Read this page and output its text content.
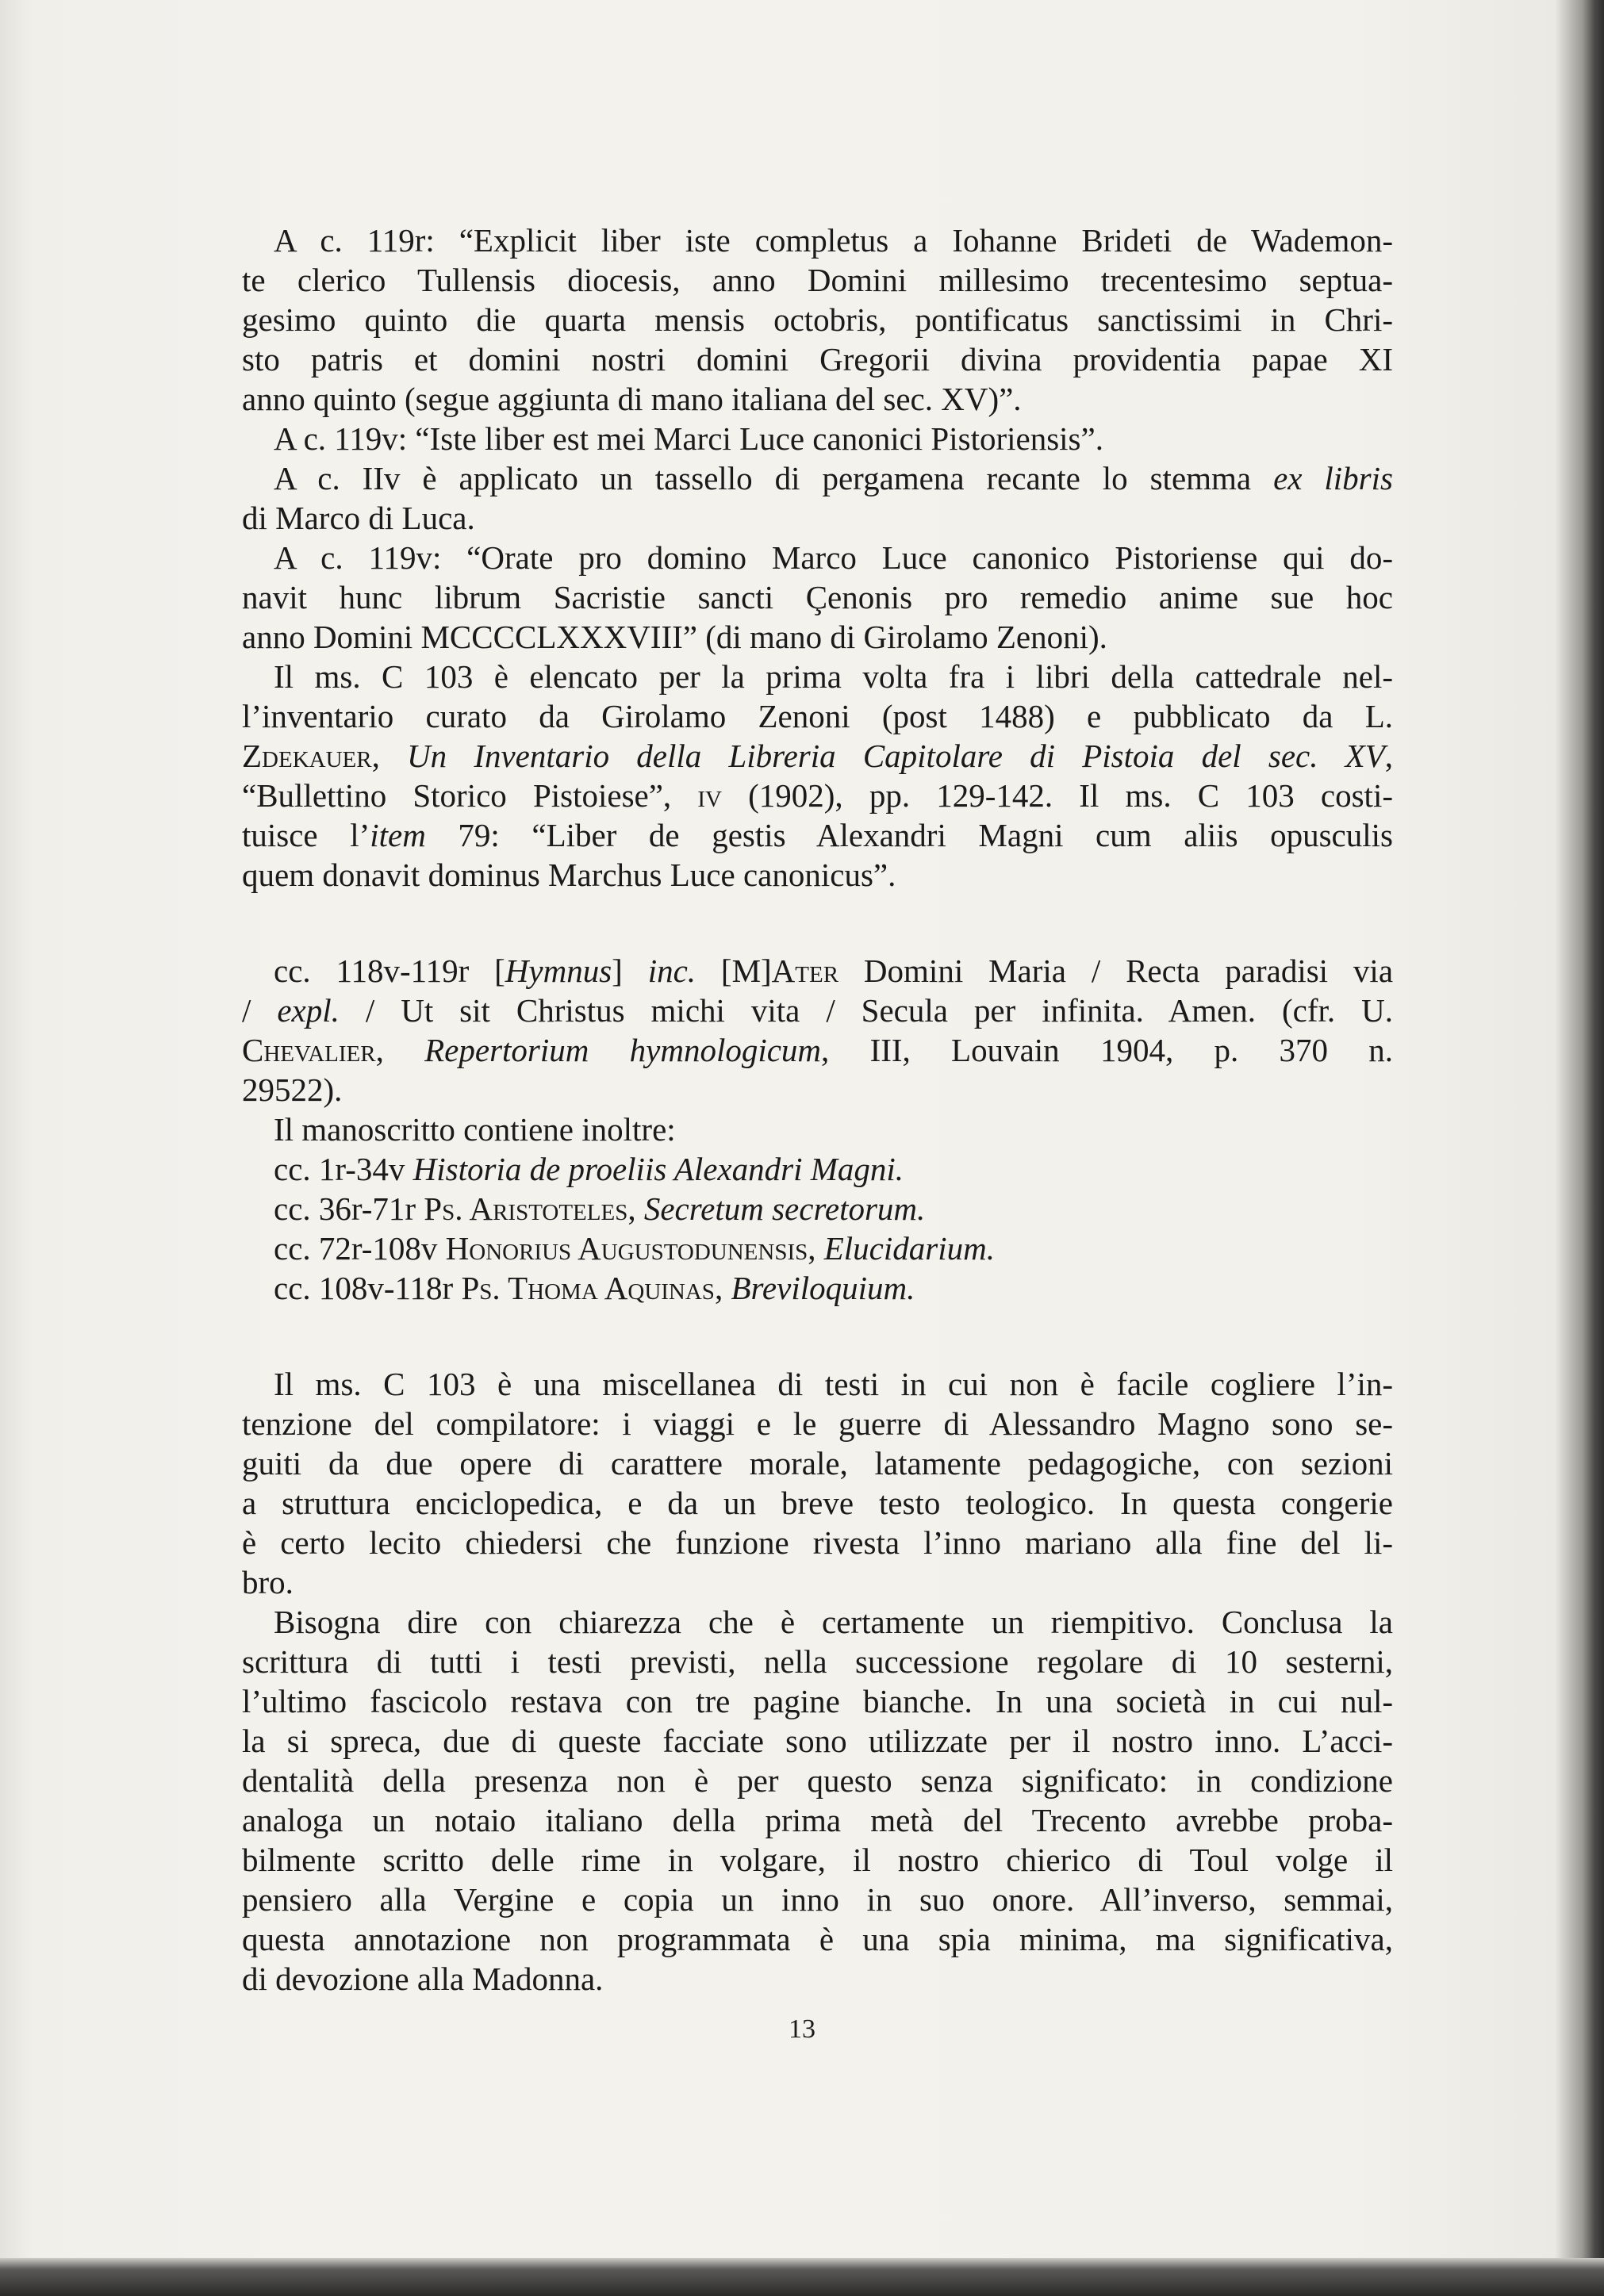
A c. 119r: “Explicit liber iste completus a Iohanne Brideti de Wademon-
te clerico Tullensis diocesis, anno Domini millesimo trecentesimo septua-
gesimo quinto die quarta mensis octobris, pontificatus sanctissimi in Chri-
sto patris et domini nostri domini Gregorii divina providentia papae XI
anno quinto (segue aggiunta di mano italiana del sec. XV)”.
A c. 119v: “Iste liber est mei Marci Luce canonici Pistoriensis”.
A c. IIv è applicato un tassello di pergamena recante lo stemma ex libris
di Marco di Luca.
A c. 119v: “Orate pro domino Marco Luce canonico Pistoriense qui do-
navit hunc librum Sacristie sancti Çenonis pro remedio anime sue hoc
anno Domini MCCCCLXXXVIII” (di mano di Girolamo Zenoni).
Il ms. C 103 è elencato per la prima volta fra i libri della cattedrale nel-
l’inventario curato da Girolamo Zenoni (post 1488) e pubblicato da L.
Zdekauer, Un Inventario della Libreria Capitolare di Pistoia del sec. XV,
“Bullettino Storico Pistoiese”, iv (1902), pp. 129-142. Il ms. C 103 costi-
tuisce l’item 79: “Liber de gestis Alexandri Magni cum aliis opusculis
quem donavit dominus Marchus Luce canonicus”.
cc. 118v-119r [Hymnus] inc. [M]Ater Domini Maria / Recta paradisi via
/ expl. / Ut sit Christus michi vita / Secula per infinita. Amen. (cfr. U.
Chevalier, Repertorium hymnologicum, III, Louvain 1904, p. 370 n.
29522).
Il manoscritto contiene inoltre:
cc. 1r-34v Historia de proeliis Alexandri Magni.
cc. 36r-71r Ps. Aristoteles, Secretum secretorum.
cc. 72r-108v Honorius Augustodunensis, Elucidarium.
cc. 108v-118r Ps. Thoma Aquinas, Breviloquium.
Il ms. C 103 è una miscellanea di testi in cui non è facile cogliere l’in-
tenzione del compilatore: i viaggi e le guerre di Alessandro Magno sono se-
guiti da due opere di carattere morale, latamente pedagogiche, con sezioni
a struttura enciclopedica, e da un breve testo teologico. In questa congerie
è certo lecito chiedersi che funzione rivesta l’inno mariano alla fine del li-
bro.
Bisogna dire con chiarezza che è certamente un riempitivo. Conclusa la
scrittura di tutti i testi previsti, nella successione regolare di 10 sesterni,
l’ultimo fascicolo restava con tre pagine bianche. In una società in cui nul-
la si spreca, due di queste facciate sono utilizzate per il nostro inno. L’acci-
dentalità della presenza non è per questo senza significato: in condizione
analoga un notaio italiano della prima metà del Trecento avrebbe proba-
bilmente scritto delle rime in volgare, il nostro chierico di Toul volge il
pensiero alla Vergine e copia un inno in suo onore. All’inverso, semmai,
questa annotazione non programmata è una spia minima, ma significativa,
di devozione alla Madonna.
13
